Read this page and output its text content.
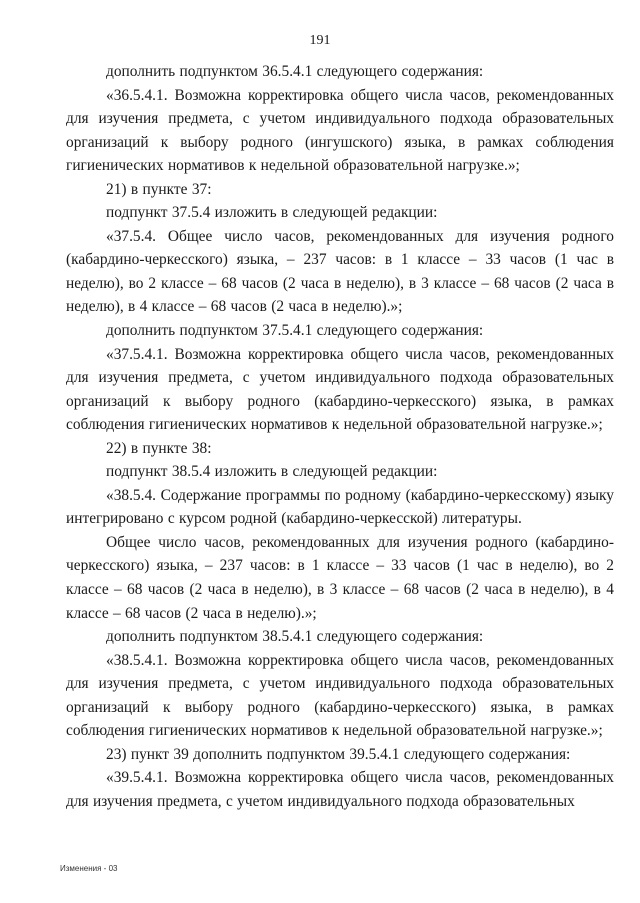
191

дополнить подпунктом 36.5.4.1 следующего содержания:

«36.5.4.1. Возможна корректировка общего числа часов, рекомендованных для изучения предмета, с учетом индивидуального подхода образовательных организаций к выбору родного (ингушского) языка, в рамках соблюдения гигиенических нормативов к недельной образовательной нагрузке.»;

21) в пункте 37:

подпункт 37.5.4 изложить в следующей редакции:

«37.5.4. Общее число часов, рекомендованных для изучения родного (кабардино-черкесского) языка, – 237 часов: в 1 классе – 33 часов (1 час в неделю), во 2 классе – 68 часов (2 часа в неделю), в 3 классе – 68 часов (2 часа в неделю), в 4 классе – 68 часов (2 часа в неделю).»;

дополнить подпунктом 37.5.4.1 следующего содержания:

«37.5.4.1. Возможна корректировка общего числа часов, рекомендованных для изучения предмета, с учетом индивидуального подхода образовательных организаций к выбору родного (кабардино-черкесского) языка, в рамках соблюдения гигиенических нормативов к недельной образовательной нагрузке.»;

22) в пункте 38:

подпункт 38.5.4 изложить в следующей редакции:

«38.5.4. Содержание программы по родному (кабардино-черкесскому) языку интегрировано с курсом родной (кабардино-черкесской) литературы.

Общее число часов, рекомендованных для изучения родного (кабардино-черкесского) языка, – 237 часов: в 1 классе – 33 часов (1 час в неделю), во 2 классе – 68 часов (2 часа в неделю), в 3 классе – 68 часов (2 часа в неделю), в 4 классе – 68 часов (2 часа в неделю).»;

дополнить подпунктом 38.5.4.1 следующего содержания:

«38.5.4.1. Возможна корректировка общего числа часов, рекомендованных для изучения предмета, с учетом индивидуального подхода образовательных организаций к выбору родного (кабардино-черкесского) языка, в рамках соблюдения гигиенических нормативов к недельной образовательной нагрузке.»;

23) пункт 39 дополнить подпунктом 39.5.4.1 следующего содержания:

«39.5.4.1. Возможна корректировка общего числа часов, рекомендованных для изучения предмета, с учетом индивидуального подхода образовательных

Изменения - 03
